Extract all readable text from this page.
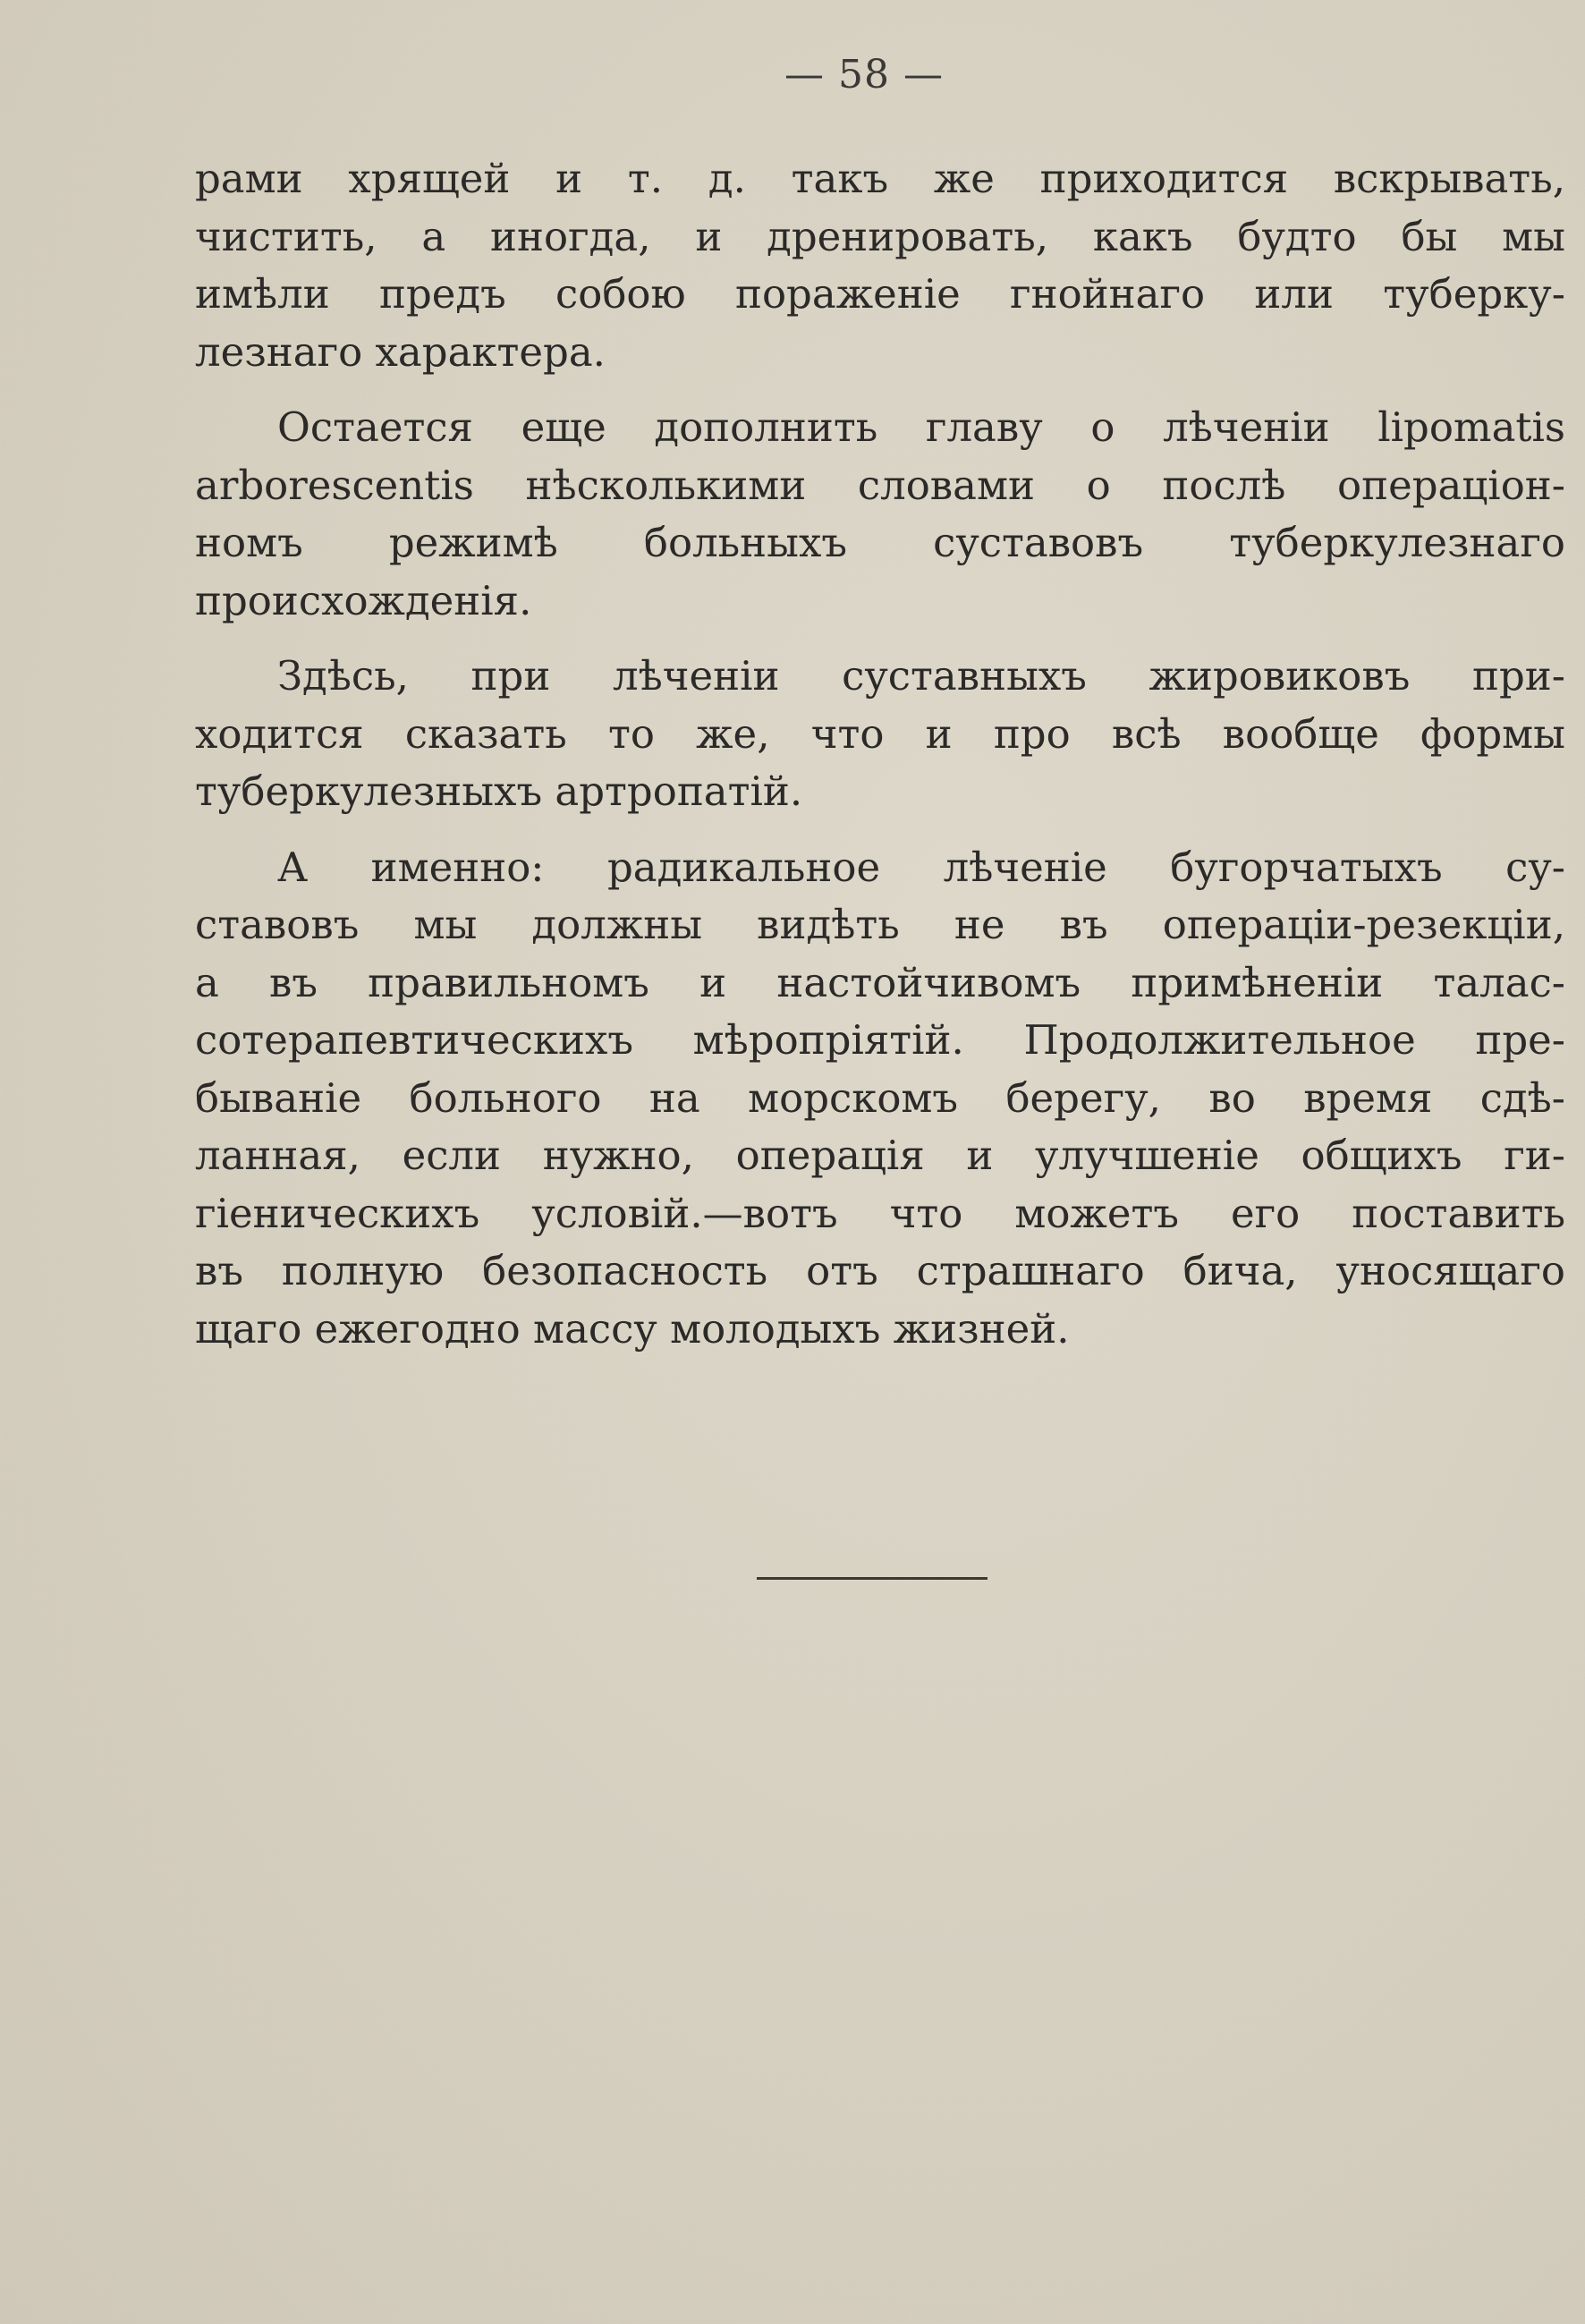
— 58 —
рами хрящей и т. д. такъ же приходится вскрывать,
чистить, а иногда, и дренировать, какъ будто бы мы
имѣли предъ собою пораженіе гнойнаго или туберку-
лезнаго характера.
Остается еще дополнить главу о лѣченіи lipomatis
arborescentis нѣсколькими словами о послѣ операціон-
номъ режимѣ больныхъ суставовъ туберкулезнаго
происхожденія.
Здѣсь, при лѣченіи суставныхъ жировиковъ при-
ходится сказать то же, что и про всѣ вообще формы
туберкулезныхъ артропатій.
А именно: радикальное лѣченіе бугорчатыхъ су-
ставовъ мы должны видѣть не въ операціи-резекціи,
а въ правильномъ и настойчивомъ примѣненіи талас-
сотерапевтическихъ мѣропріятій. Продолжительное пре-
бываніе больного на морскомъ берегу, во время сдѣ-
ланная, если нужно, операція и улучшеніе общихъ ги-
гіеническихъ условій.—вотъ что можетъ его поставить
въ полную безопасность отъ страшнаго бича, уносящаго
щаго ежегодно массу молодыхъ жизней.
